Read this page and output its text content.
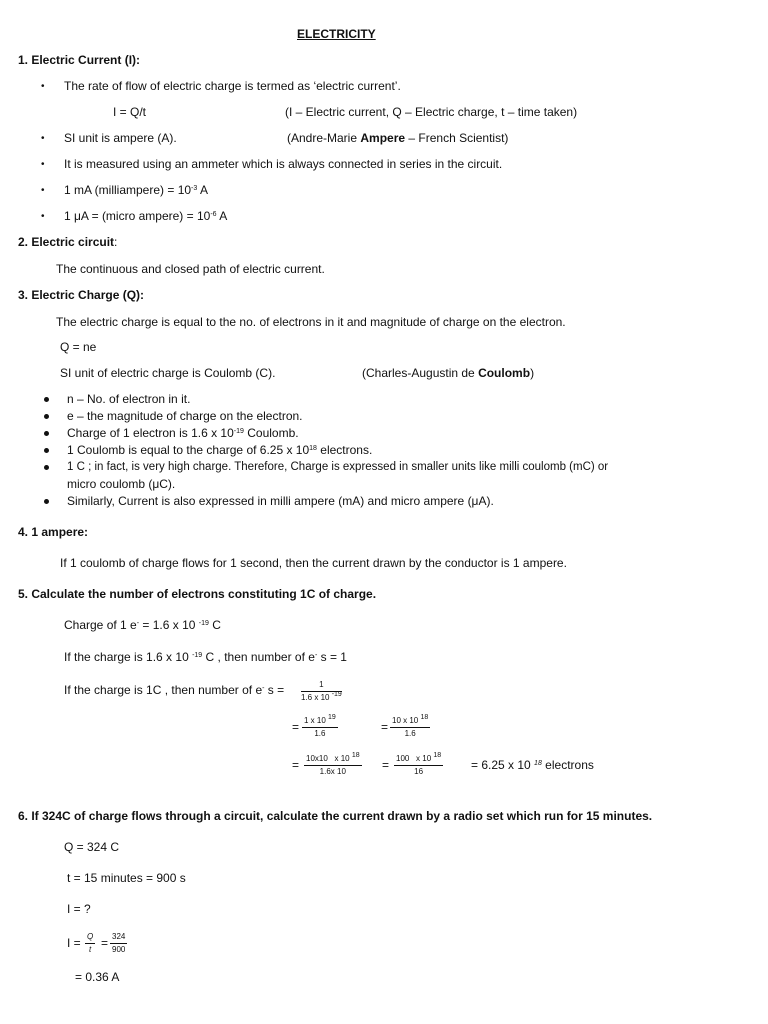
ELECTRICITY
1. Electric Current (I):
• The rate of flow of electric charge is termed as ‘electric current’.
I = Q/t	(I – Electric current, Q – Electric charge, t – time taken)
• SI unit is ampere (A).	(Andre-Marie Ampere – French Scientist)
• It is measured using an ammeter which is always connected in series in the circuit.
• 1 mA (milliampere) = $10^{-3}$ A
• 1 μA = (micro ampere) = $10^{-6}$ A
2. Electric circuit:
The continuous and closed path of electric current.
3. Electric Charge (Q):
The electric charge is equal to the no. of electrons in it and magnitude of charge on the electron.
Q = ne
SI unit of electric charge is Coulomb (C).	(Charles-Augustin de Coulomb)
n – No. of electron in it.
e – the magnitude of charge on the electron.
Charge of 1 electron is 1.6 x $10^{-19}$ Coulomb.
1 Coulomb is equal to the charge of 6.25 x $10^{18}$ electrons.
1 C ; in fact, is very high charge. Therefore, Charge is expressed in smaller units like milli coulomb (mC) or
micro coulomb (μC).
Similarly, Current is also expressed in milli ampere (mA) and micro ampere (μA).
4. 1 ampere:
If 1 coulomb of charge flows for 1 second, then the current drawn by the conductor is 1 ampere.
5. Calculate the number of electrons constituting 1C of charge.
Charge of 1 e- = 1.6 x 10 $^{-19}$ C
If the charge is 1.6 x 10 $^{-19}$ C , then number of e- s = 1
If the charge is 1C , then number of e- $s = \frac{1}{1.6 x 10 ^{-19}}$
= $\frac{1 x 10 ^{19}}{1.6}$	= $\frac{10 x 10 ^{18}}{1.6}$
= $\frac{10x10 x 10 ^{18}}{1.6x 10} = \frac{100 x 10 ^{18}}{16} = 6.25$ x 10 $^{18}$ electrons
6. If 324C of charge flows through a circuit, calculate the current drawn by a radio set which run for 15 minutes.
Q = 324 C
t = 15 minutes = 900 s
I = ?
$I = \frac{Q}{t} = \frac{324}{900}$
= 0.36 A
